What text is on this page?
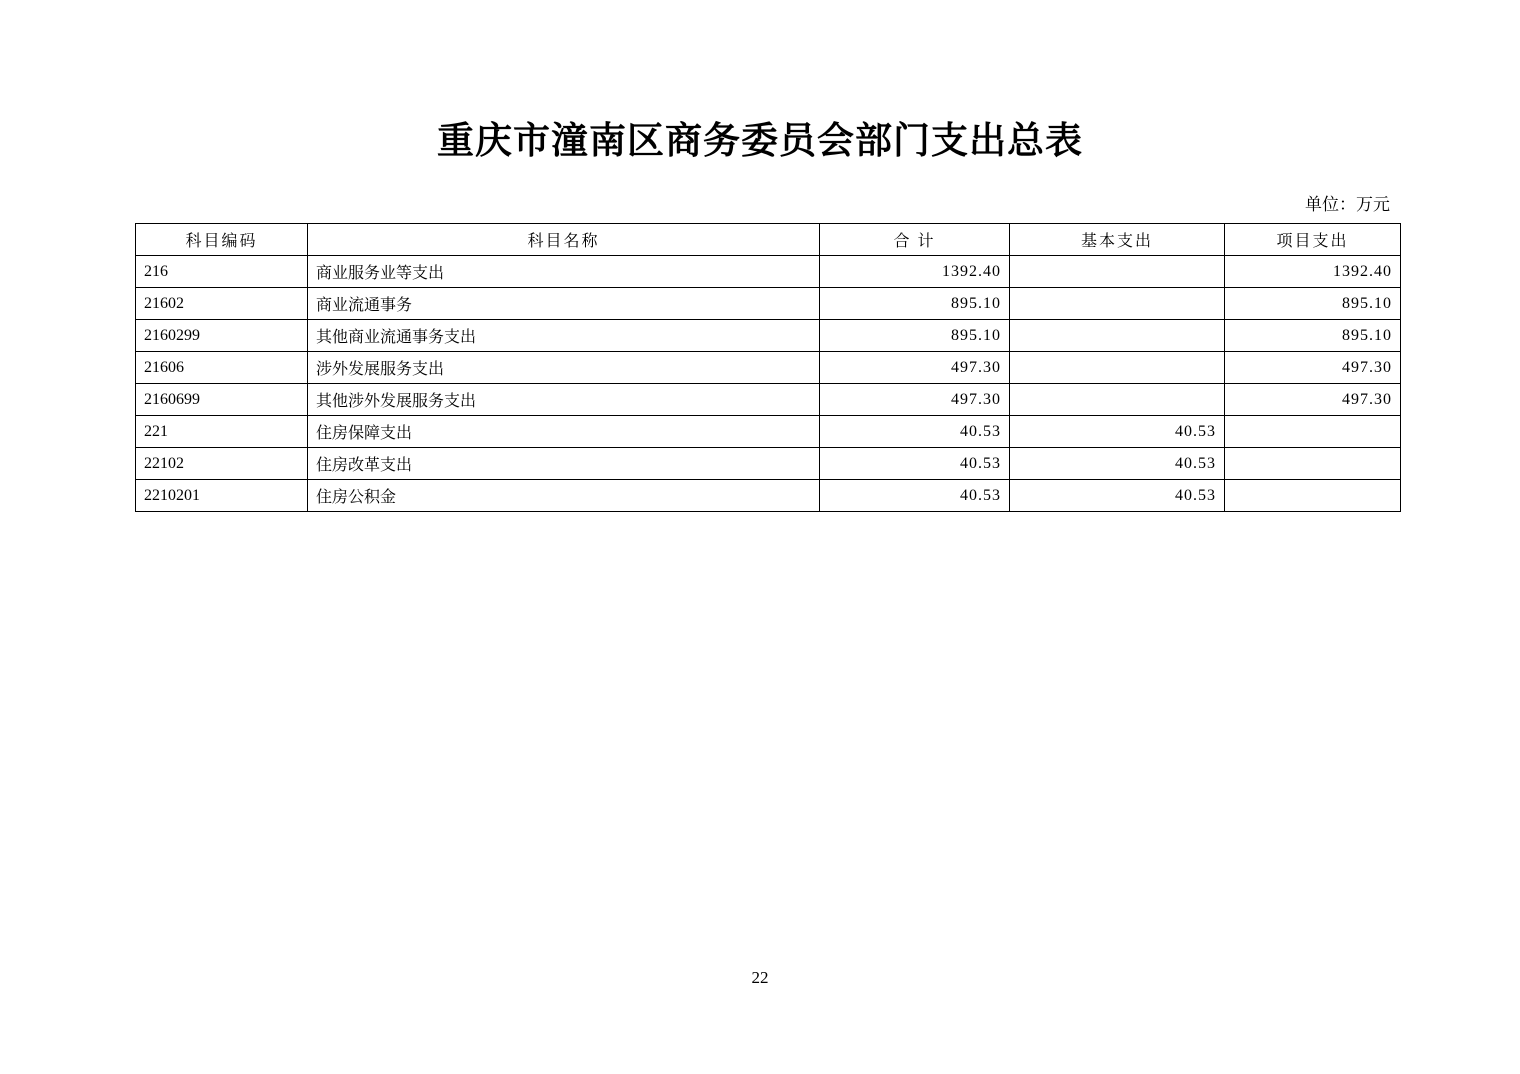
重庆市潼南区商务委员会部门支出总表
单位：万元
科目编码	科目名称	合 计	基本支出	项目支出
216	商业服务业等支出	1392.40		1392.40
21602	商业流通事务	895.10		895.10
2160299	其他商业流通事务支出	895.10		895.10
21606	涉外发展服务支出	497.30		497.30
2160699	其他涉外发展服务支出	497.30		497.30
221	住房保障支出	40.53	40.53	
22102	住房改革支出	40.53	40.53	
2210201	住房公积金	40.53	40.53	
22
